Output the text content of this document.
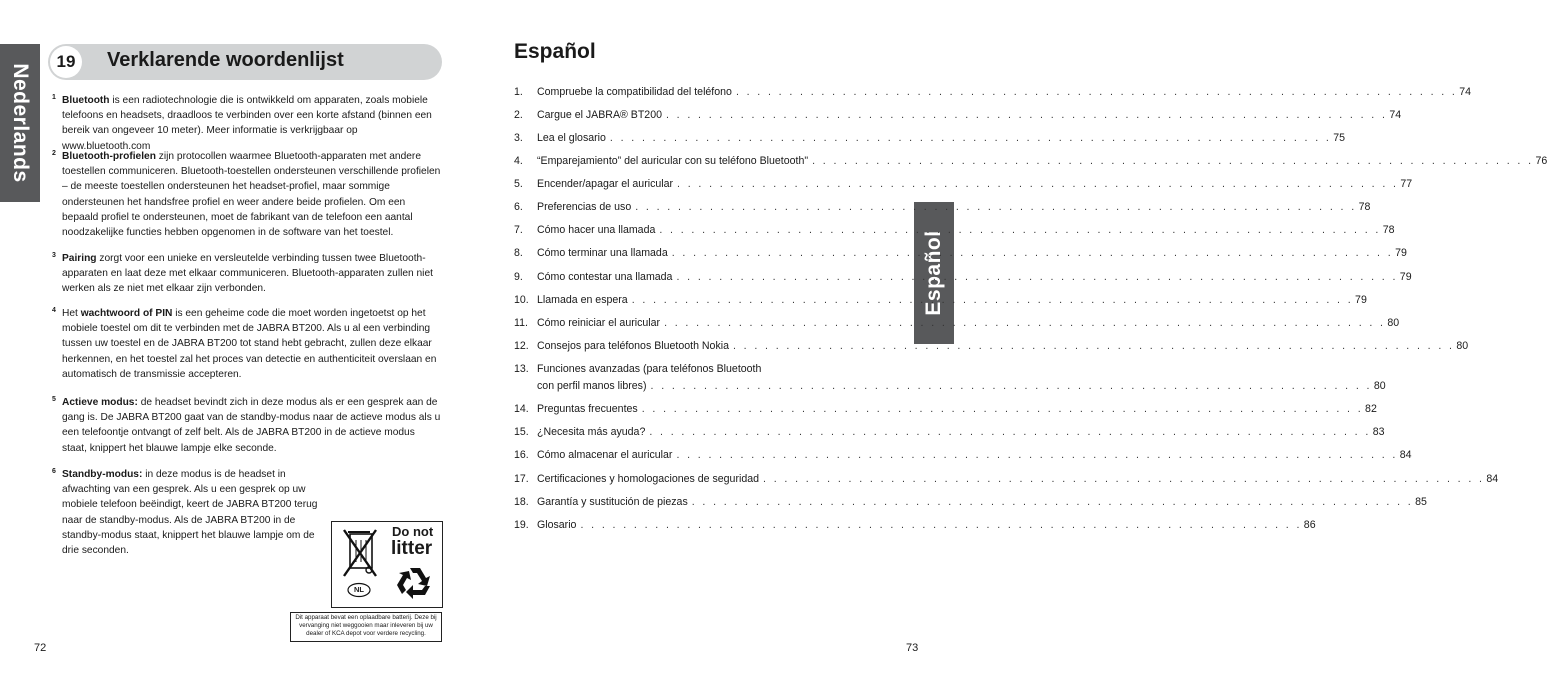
Nederlands
Español
19	Verklarende woordenlijst
1 Bluetooth is een radiotechnologie die is ontwikkeld om apparaten, zoals mobiele telefoons en headsets, draadloos te verbinden over een korte afstand (binnen een bereik van ongeveer 10 meter). Meer informatie is verkrijgbaar op www.bluetooth.com
2 Bluetooth-profielen zijn protocollen waarmee Bluetooth-apparaten met andere toestellen communiceren. Bluetooth-toestellen ondersteunen verschillende profielen – de meeste toestellen ondersteunen het headset-profiel, maar sommige ondersteunen het handsfree profiel en weer andere beide profielen. Om een bepaald profiel te ondersteunen, moet de fabrikant van de telefoon een aantal noodzakelijke functies hebben opgenomen in de software van het toestel.
3 Pairing zorgt voor een unieke en versleutelde verbinding tussen twee Bluetooth-apparaten en laat deze met elkaar communiceren. Bluetooth-apparaten zullen niet werken als ze niet met elkaar zijn verbonden.
4 Het wachtwoord of PIN is een geheime code die moet worden ingetoetst op het mobiele toestel om dit te verbinden met de JABRA BT200. Als u al een verbinding tussen uw toestel en de JABRA BT200 tot stand hebt gebracht, zullen deze elkaar herkennen, en het toestel zal het proces van detectie en authenticiteit overslaan en automatisch de transmissie accepteren.
5 Actieve modus: de headset bevindt zich in deze modus als er een gesprek aan de gang is. De JABRA BT200 gaat van de standby-modus naar de actieve modus als u een telefoontje ontvangt of zelf belt. Als de JABRA BT200 in de actieve modus staat, knippert het blauwe lampje elke seconde.
6 Standby-modus: in deze modus is de headset in afwachting van een gesprek. Als u een gesprek op uw mobiele telefoon beëindigt, keert de JABRA BT200 terug naar de standby-modus. Als de JABRA BT200 in de standby-modus staat, knippert het blauwe lampje om de drie seconden.
Do not
litter
NL
Dit apparaat bevat een oplaadbare batterij. Deze bij vervanging niet weggooien maar inleveren bij uw dealer of KCA depot voor verdere recycling.
72	73
Español
1. Compruebe la compatibilidad del teléfono . . . . . . . . . . . . . . . . . . . . . . . . . . . . . . . . . . . . . . . . . . . . . . . . . . . . . . . . . . . . . . . . . . . . 74
2. Cargue el JABRA® BT200 . . . . . . . . . . . . . . . . . . . . . . . . . . . . . . . . . . . . . . . . . . . . . . . . . . . . . . . . . . . . . . . . . . . . 74
3. Lea el glosario . . . . . . . . . . . . . . . . . . . . . . . . . . . . . . . . . . . . . . . . . . . . . . . . . . . . . . . . . . . . . . . . . . . . 75
4. “Emparejamiento” del auricular con su teléfono Bluetooth" . . . . . . . . . . . . . . . . . . . . . . . . . . . . . . . . . . . . . . . . . . . . . . . . . . . . . . . . . . . . . . . . . . . . 76
5. Encender/apagar el auricular . . . . . . . . . . . . . . . . . . . . . . . . . . . . . . . . . . . . . . . . . . . . . . . . . . . . . . . . . . . . . . . . . . . . 77
6. Preferencias de uso . . . . . . . . . . . . . . . . . . . . . . . . . . . . . . . . . . . . . . . . . . . . . . . . . . . . . . . . . . . . . . . . . . . . 78
7. Cómo hacer una llamada . . . . . . . . . . . . . . . . . . . . . . . . . . . . . . . . . . . . . . . . . . . . . . . . . . . . . . . . . . . . . . . . . . . . 78
8. Cómo terminar una llamada . . . . . . . . . . . . . . . . . . . . . . . . . . . . . . . . . . . . . . . . . . . . . . . . . . . . . . . . . . . . . . . . . . . . 79
9. Cómo contestar una llamada . . . . . . . . . . . . . . . . . . . . . . . . . . . . . . . . . . . . . . . . . . . . . . . . . . . . . . . . . . . . . . . . . . . . 79
10. Llamada en espera . . . . . . . . . . . . . . . . . . . . . . . . . . . . . . . . . . . . . . . . . . . . . . . . . . . . . . . . . . . . . . . . . . . . 79
11. Cómo reiniciar el auricular . . . . . . . . . . . . . . . . . . . . . . . . . . . . . . . . . . . . . . . . . . . . . . . . . . . . . . . . . . . . . . . . . . . . 80
12. Consejos para teléfonos Bluetooth Nokia . . . . . . . . . . . . . . . . . . . . . . . . . . . . . . . . . . . . . . . . . . . . . . . . . . . . . . . . . . . . . . . . . . . . 80
13. Funciones avanzadas (para teléfonos Bluetooth
con perfil manos libres) . . . . . . . . . . . . . . . . . . . . . . . . . . . . . . . . . . . . . . . . . . . . . . . . . . . . . . . . . . . . . . . . . . . . 80
14. Preguntas frecuentes . . . . . . . . . . . . . . . . . . . . . . . . . . . . . . . . . . . . . . . . . . . . . . . . . . . . . . . . . . . . . . . . . . . . 82
15. ¿Necesita más ayuda? . . . . . . . . . . . . . . . . . . . . . . . . . . . . . . . . . . . . . . . . . . . . . . . . . . . . . . . . . . . . . . . . . . . . 83
16. Cómo almacenar el auricular . . . . . . . . . . . . . . . . . . . . . . . . . . . . . . . . . . . . . . . . . . . . . . . . . . . . . . . . . . . . . . . . . . . . 84
17. Certificaciones y homologaciones de seguridad . . . . . . . . . . . . . . . . . . . . . . . . . . . . . . . . . . . . . . . . . . . . . . . . . . . . . . . . . . . . . . . . . . . . 84
18. Garantía y sustitución de piezas . . . . . . . . . . . . . . . . . . . . . . . . . . . . . . . . . . . . . . . . . . . . . . . . . . . . . . . . . . . . . . . . . . . . 85
19. Glosario . . . . . . . . . . . . . . . . . . . . . . . . . . . . . . . . . . . . . . . . . . . . . . . . . . . . . . . . . . . . . . . . . . . . 86
